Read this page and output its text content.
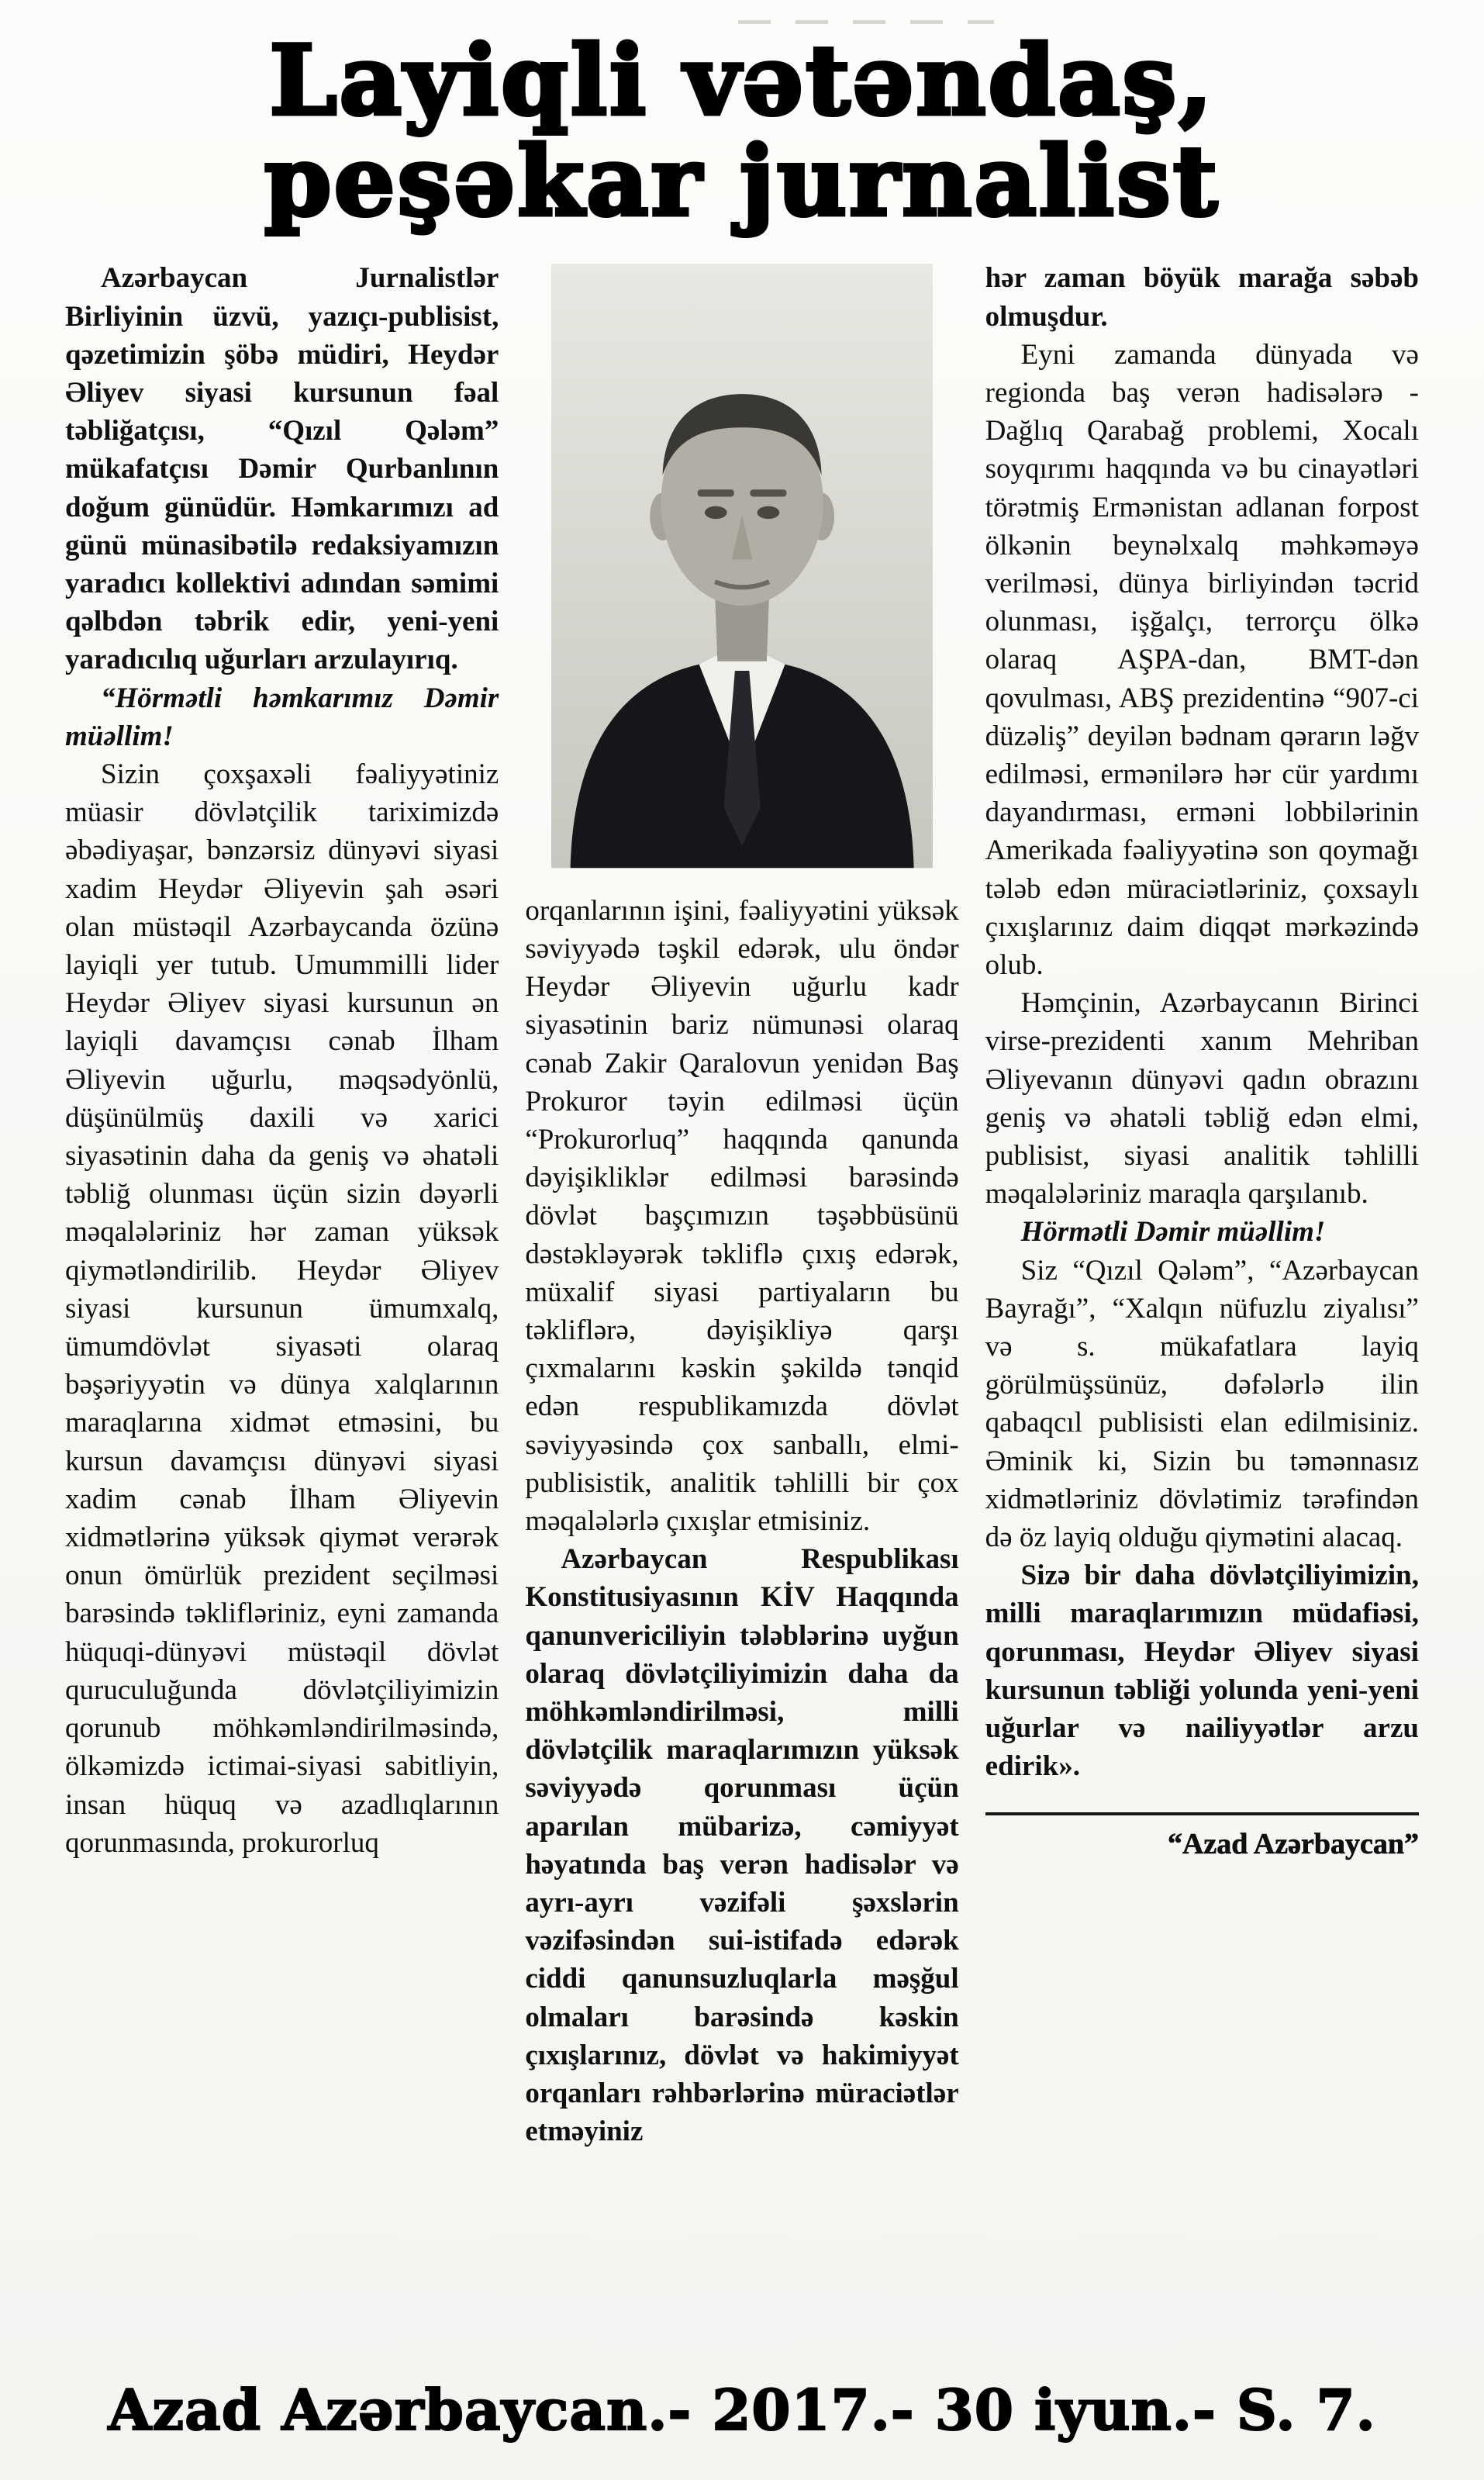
Layiqli vətəndaş,
peşəkar jurnalist

Azərbaycan Jurnalistlər Birliyinin üzvü, yazıçı-publisist, qəzetimizin şöbə müdiri, Heydər Əliyev siyasi kursunun fəal təbliğatçısı, “Qızıl Qələm” mükafatçısı Dəmir Qurbanlının doğum günüdür. Həmkarımızı ad günü münasibətilə redaksiyamızın yaradıcı kollektivi adından səmimi qəlbdən təbrik edir, yeni-yeni yaradıcılıq uğurları arzulayırıq.

“Hörmətli həmkarımız Dəmir müəllim!

Sizin çoxşaxəli fəaliyyətiniz müasir dövlətçilik tariximizdə əbədiyaşar, bənzərsiz dünyəvi siyasi xadim Heydər Əliyevin şah əsəri olan müstəqil Azərbaycanda özünə layiqli yer tutub. Umummilli lider Heydər Əliyev siyasi kursunun ən layiqli davamçısı cənab İlham Əliyevin uğurlu, məqsədyönlü, düşünülmüş daxili və xarici siyasətinin daha da geniş və əhatəli təbliğ olunması üçün sizin dəyərli məqalələriniz hər zaman yüksək qiymətləndirilib. Heydər Əliyev siyasi kursunun ümumxalq, ümumdövlət siyasəti olaraq bəşəriyyətin və dünya xalqlarının maraqlarına xidmət etməsini, bu kursun davamçısı dünyəvi siyasi xadim cənab İlham Əliyevin xidmətlərinə yüksək qiymət verərək onun ömürlük prezident seçilməsi barəsində təklifləriniz, eyni zamanda hüquqi-dünyəvi müstəqil dövlət quruculuğunda dövlətçiliyimizin qorunub möhkəmləndirilməsində, ölkəmizdə ictimai-siyasi sabitliyin, insan hüquq və azadlıqlarının qorunmasında, prokurorluq

orqanlarının işini, fəaliyyətini yüksək səviyyədə təşkil edərək, ulu öndər Heydər Əliyevin uğurlu kadr siyasətinin bariz nümunəsi olaraq cənab Zakir Qaralovun yenidən Baş Prokuror təyin edilməsi üçün “Prokurorluq” haqqında qanunda dəyişikliklər edilməsi barəsində dövlət başçımızın təşəbbüsünü dəstəkləyərək təkliflə çıxış edərək, müxalif siyasi partiyaların bu təkliflərə, dəyişikliyə qarşı çıxmalarını kəskin şəkildə tənqid edən respublikamızda dövlət səviyyəsində çox sanballı, elmi-publisistik, analitik təhlilli bir çox məqalələrlə çıxışlar etmisiniz.

Azərbaycan Respublikası Konstitusiyasının KİV Haqqında qanunvericiliyin tələblərinə uyğun olaraq dövlətçiliyimizin daha da möhkəmləndirilməsi, milli dövlətçilik maraqlarımızın yüksək səviyyədə qorunması üçün aparılan mübarizə, cəmiyyət həyatında baş verən hadisələr və ayrı-ayrı vəzifəli şəxslərin vəzifəsindən sui-istifadə edərək ciddi qanunsuzluqlarla məşğul olmaları barəsində kəskin çıxışlarınız, dövlət və hakimiyyət orqanları rəhbərlərinə müraciətlər etməyiniz

hər zaman böyük marağa səbəb olmuşdur.

Eyni zamanda dünyada və regionda baş verən hadisələrə - Dağlıq Qarabağ problemi, Xocalı soyqırımı haqqında və bu cinayətləri törətmiş Ermənistan adlanan forpost ölkənin beynəlxalq məhkəməyə verilməsi, dünya birliyindən təcrid olunması, işğalçı, terrorçu ölkə olaraq AŞPA-dan, BMT-dən qovulması, ABŞ prezidentinə “907-ci düzəliş” deyilən bədnam qərarın ləğv edilməsi, ermənilərə hər cür yardımı dayandırması, erməni lobbilərinin Amerikada fəaliyyətinə son qoymağı tələb edən müraciətləriniz, çoxsaylı çıxışlarınız daim diqqət mərkəzində olub.

Həmçinin, Azərbaycanın Birinci virse-prezidenti xanım Mehriban Əliyevanın dünyəvi qadın obrazını geniş və əhatəli təbliğ edən elmi, publisist, siyasi analitik təhlilli məqalələriniz maraqla qarşılanıb.

Hörmətli Dəmir müəllim!

Siz “Qızıl Qələm”, “Azərbaycan Bayrağı”, “Xalqın nüfuzlu ziyalısı” və s. mükafatlara layiq görülmüşsünüz, dəfələrlə ilin qabaqcıl publisisti elan edilmisiniz. Əminik ki, Sizin bu təmənnasız xidmətləriniz dövlətimiz tərəfindən də öz layiq olduğu qiymətini alacaq.

Sizə bir daha dövlətçiliyimizin, milli maraqlarımızın müdafiəsi, qorunması, Heydər Əliyev siyasi kursunun təbliği yolunda yeni-yeni uğurlar və nailiyyətlər arzu edirik».

“Azad Azərbaycan”
Azad Azərbaycan.- 2017.- 30 iyun.- S. 7.
